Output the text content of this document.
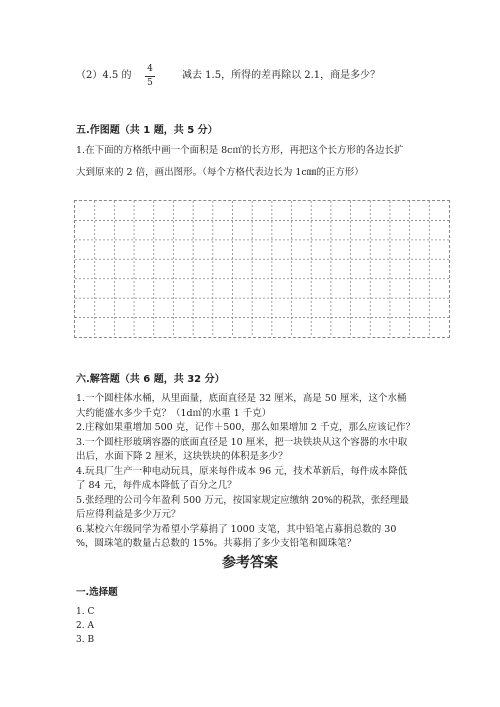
（2）4.5 的
4
5
减去 1.5，所得的差再除以 2.1，商是多少？
五.作图题（共 1 题，共 5 分）
1.在下面的方格纸中画一个面积是 8c㎡的长方形，再把这个长方形的各边长扩
大到原来的 2 倍，画出图形。（每个方格代表边长为 1c㎜的正方形）
六.解答题（共 6 题，共 32 分）
1.一个圆柱体水桶，从里面量，底面直径是 32 厘米，高是 50 厘米，这个水桶
大约能盛水多少千克？（1d㎥的水重 1 千克）
2.庄稼如果重增加 500 克，记作＋500，那么如果增加 2 千克，那么应该记作？
3.一个圆柱形玻璃容器的底面直径是 10 厘米，把一块铁块从这个容器的水中取
出后，水面下降 2 厘米，这块铁块的体积是多少？
4.玩具厂生产一种电动玩具，原来每件成本 96 元，技术革新后，每件成本降低
了 84 元，每件成本降低了百分之几？
5.张经理的公司今年盈利 500 万元，按国家规定应缴纳 20%的税款，张经理最
后应得利益是多少万元？
6.某校六年级同学为希望小学募捐了 1000 支笔，其中铅笔占募捐总数的 30
%，圆珠笔的数量占总数的 15%。共募捐了多少支铅笔和圆珠笔？
参考答案
一.选择题
1. C
2. A
3. B
